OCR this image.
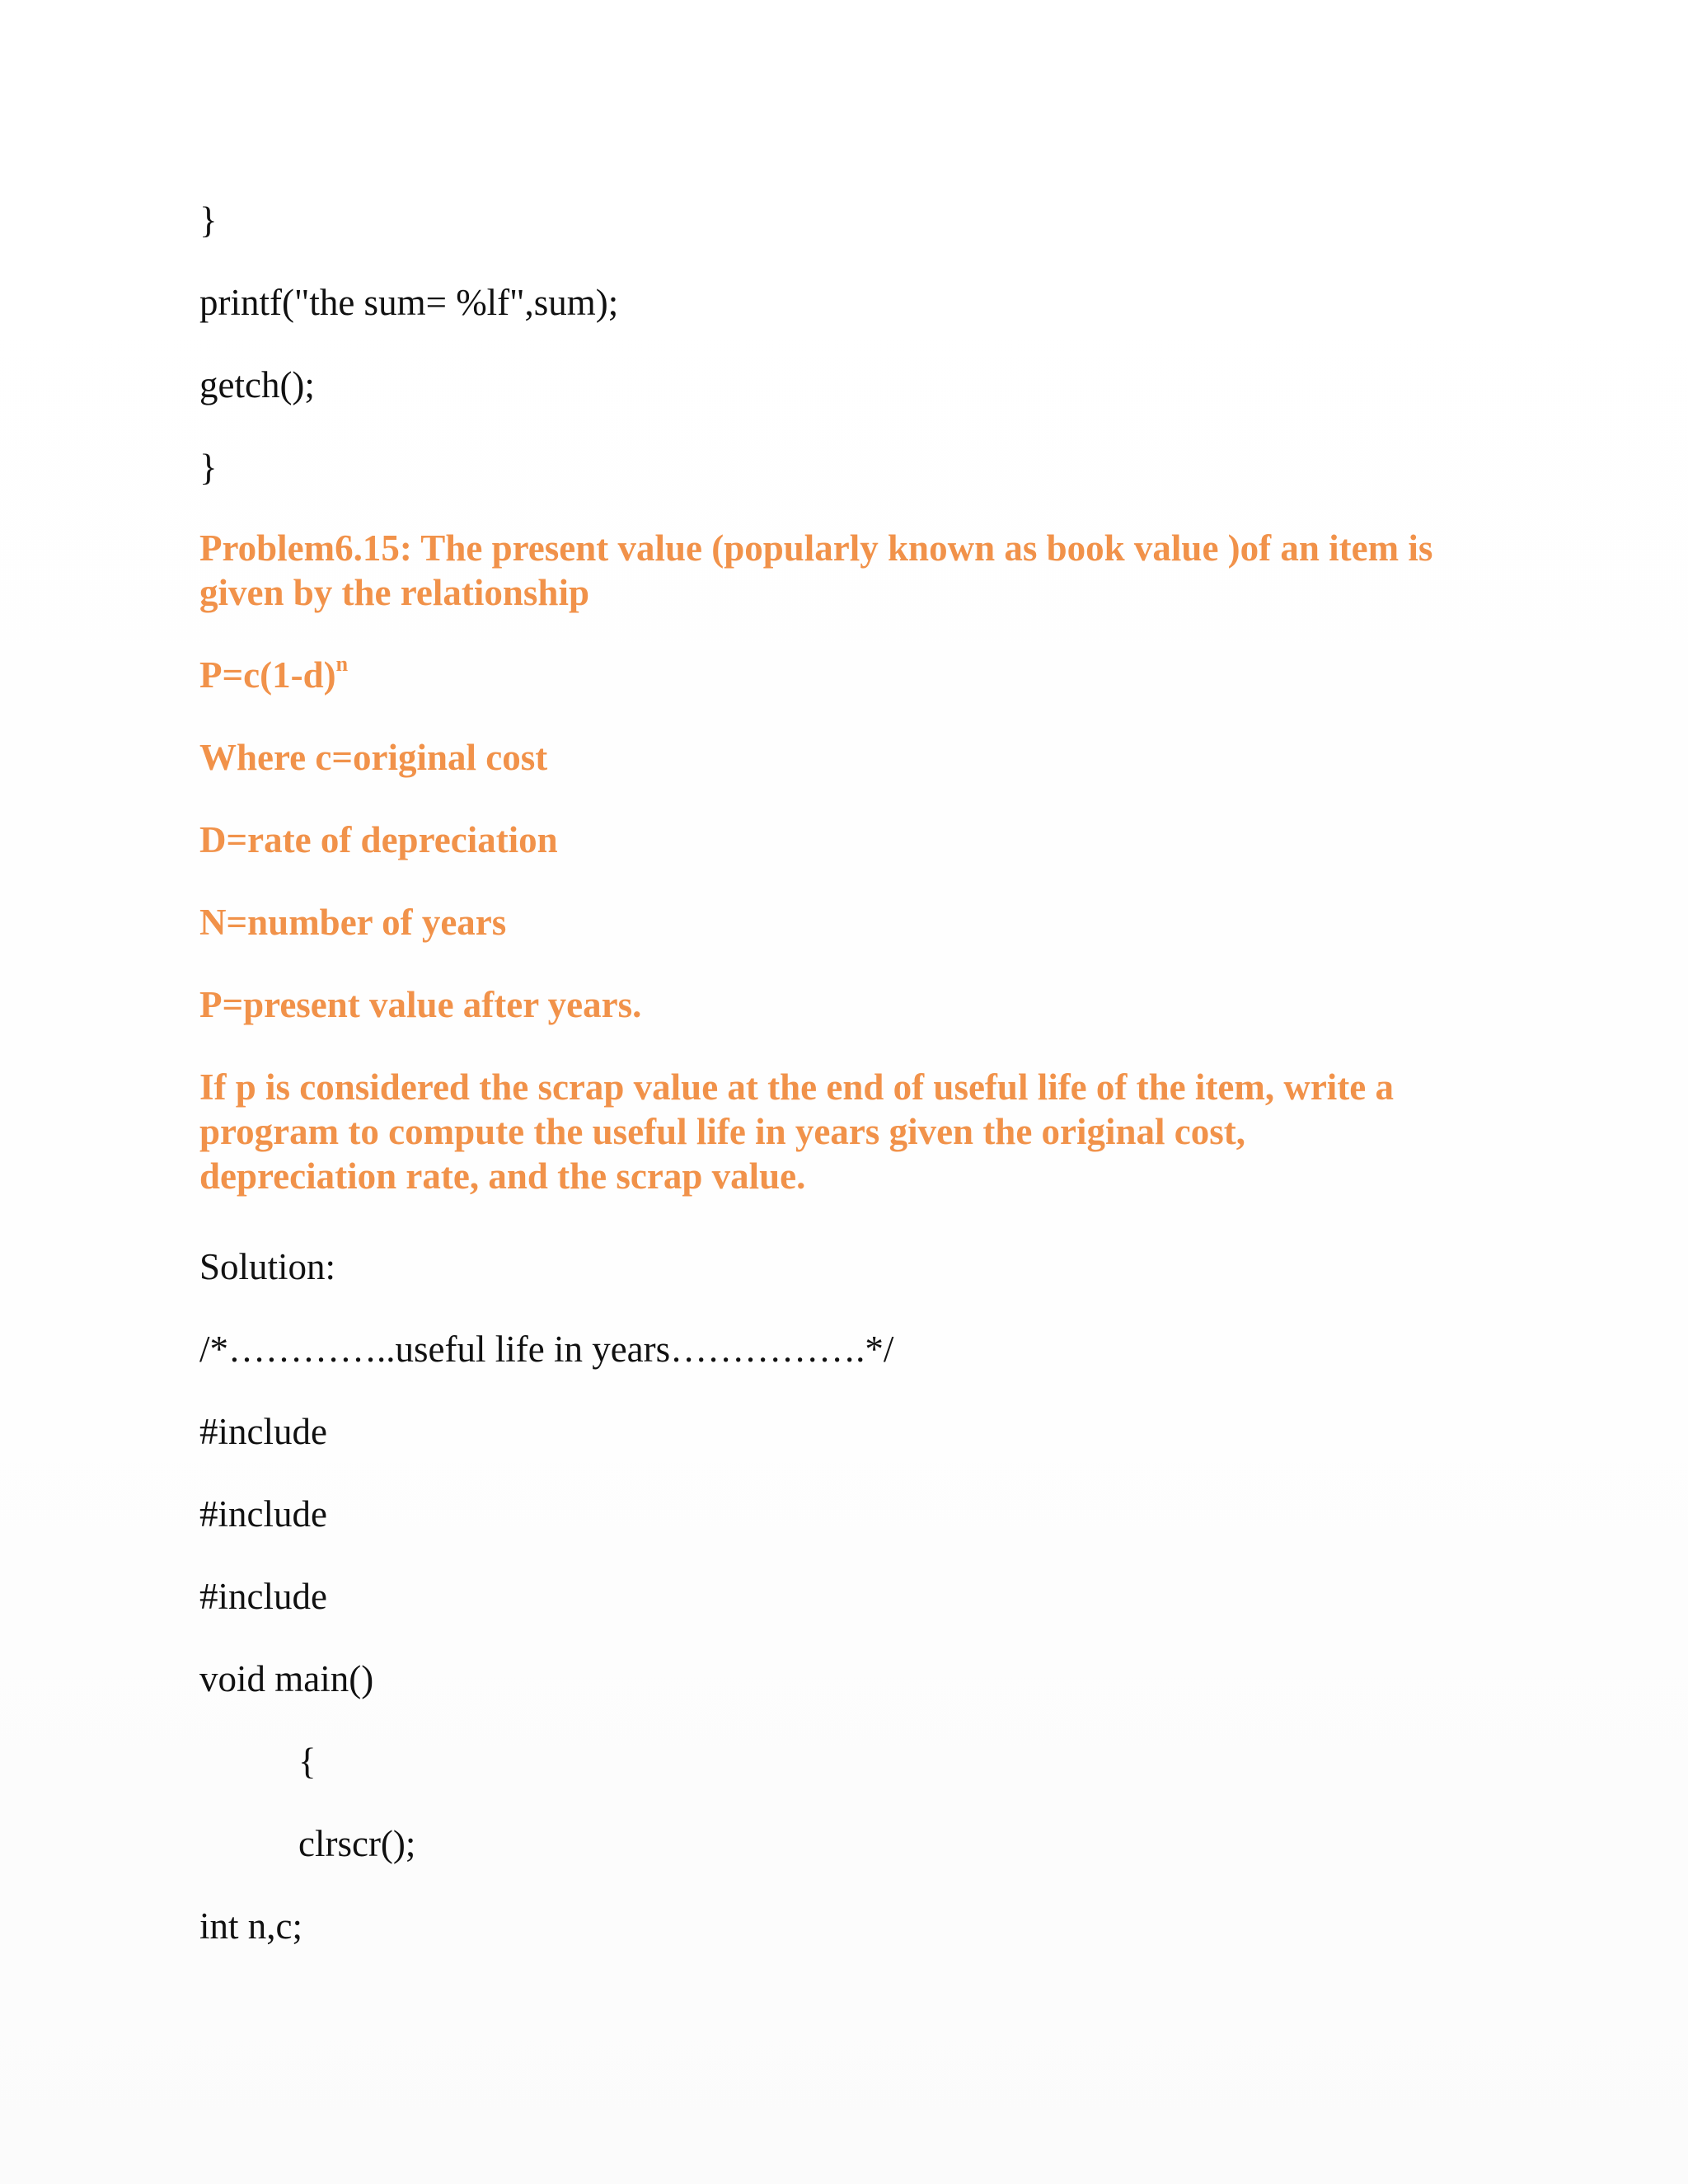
}

printf("the sum= %lf",sum);

getch();

}

Problem6.15: The present value (popularly known as book value )of an item is
given by the relationship
$P=c(1-d)^n$
Where c=original cost
D=rate of depreciation
N=number of years
P=present value after years.
If p is considered the scrap value at the end of useful life of the item, write a
program to compute the useful life in years given the original cost,
depreciation rate, and the scrap value.

Solution:

/*…………..useful life in years…………….*/

#include

#include

#include

void main()

{

clrscr();

int n,c;
